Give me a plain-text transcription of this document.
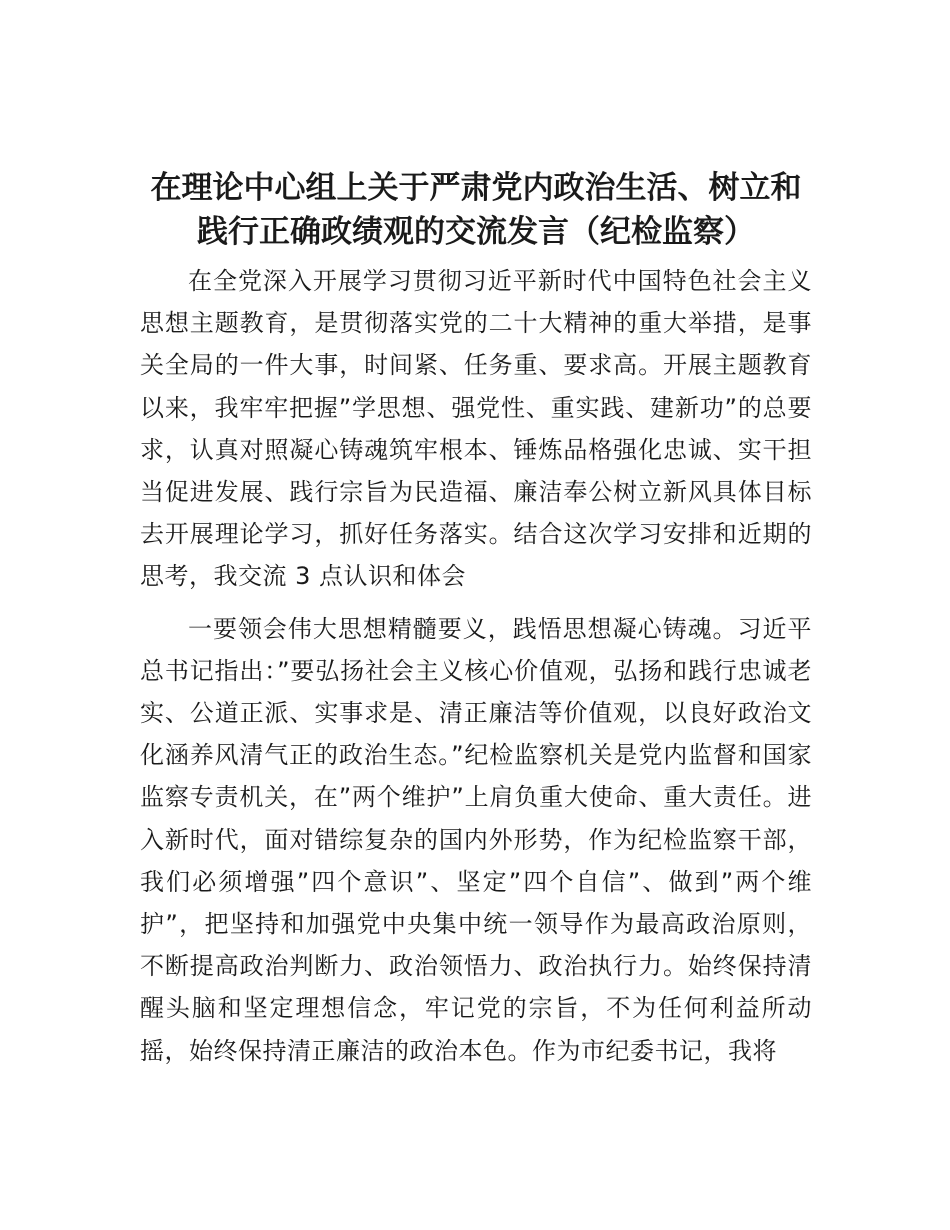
在理论中心组上关于严肃党内政治生活、树立和践行正确政绩观的交流发言（纪检监察）

在全党深入开展学习贯彻习近平新时代中国特色社会主义思想主题教育，是贯彻落实党的二十大精神的重大举措，是事关全局的一件大事，时间紧、任务重、要求高。开展主题教育以来，我牢牢把握”学思想、强党性、重实践、建新功”的总要求，认真对照凝心铸魂筑牢根本、锤炼品格强化忠诚、实干担当促进发展、践行宗旨为民造福、廉洁奉公树立新风具体目标去开展理论学习，抓好任务落实。结合这次学习安排和近期的思考，我交流 3 点认识和体会

一要领会伟大思想精髓要义，践悟思想凝心铸魂。习近平总书记指出：”要弘扬社会主义核心价值观，弘扬和践行忠诚老实、公道正派、实事求是、清正廉洁等价值观，以良好政治文化涵养风清气正的政治生态。”纪检监察机关是党内监督和国家监察专责机关，在”两个维护”上肩负重大使命、重大责任。进入新时代，面对错综复杂的国内外形势，作为纪检监察干部，我们必须增强”四个意识”、坚定”四个自信”、做到”两个维护”，把坚持和加强党中央集中统一领导作为最高政治原则，不断提高政治判断力、政治领悟力、政治执行力。始终保持清醒头脑和坚定理想信念，牢记党的宗旨，不为任何利益所动摇，始终保持清正廉洁的政治本色。作为市纪委书记，我将
